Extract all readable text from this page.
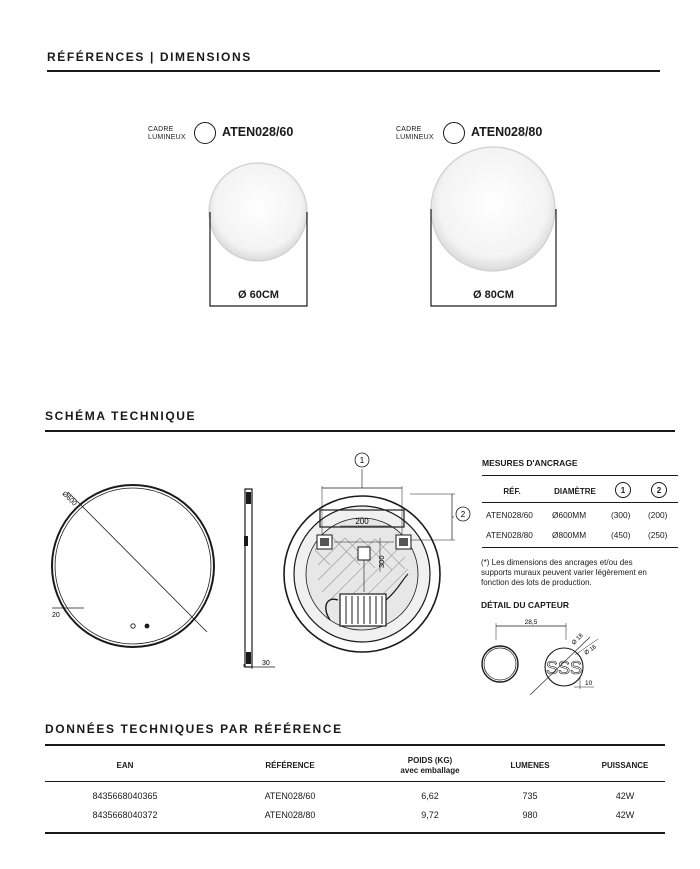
RÉFÉRENCES | DIMENSIONS
CADRE
LUMINEUX	ATEN028/60	CADRE
LUMINEUX	ATEN028/80
Ø 60CM	Ø 80CM
SCHÉMA TECHNIQUE
Ø600
20
30
1
2
200
300
MESURES D'ANCRAGE
RÉF.	DIAMÈTRE	1	2
ATEN028/60 Ø600MM	(300) (200)
ATEN028/80 Ø800MM	(450) (250)
(*) Les dimensions des ancrages et/ou des
supports muraux peuvent varier légèrement en
fonction des lots de production.
DÉTAIL DU CAPTEUR
28,5
SSS
Ø 18
Ø 16
10
DONNÉES TECHNIQUES PAR RÉFÉRENCE
EAN	RÉFÉRENCE
POIDS (KG)
avec emballage
LUMENES	PUISSANCE
8435668040365	ATEN028/60	6,62	735	42W
8435668040372	ATEN028/80	9,72	980	42W
